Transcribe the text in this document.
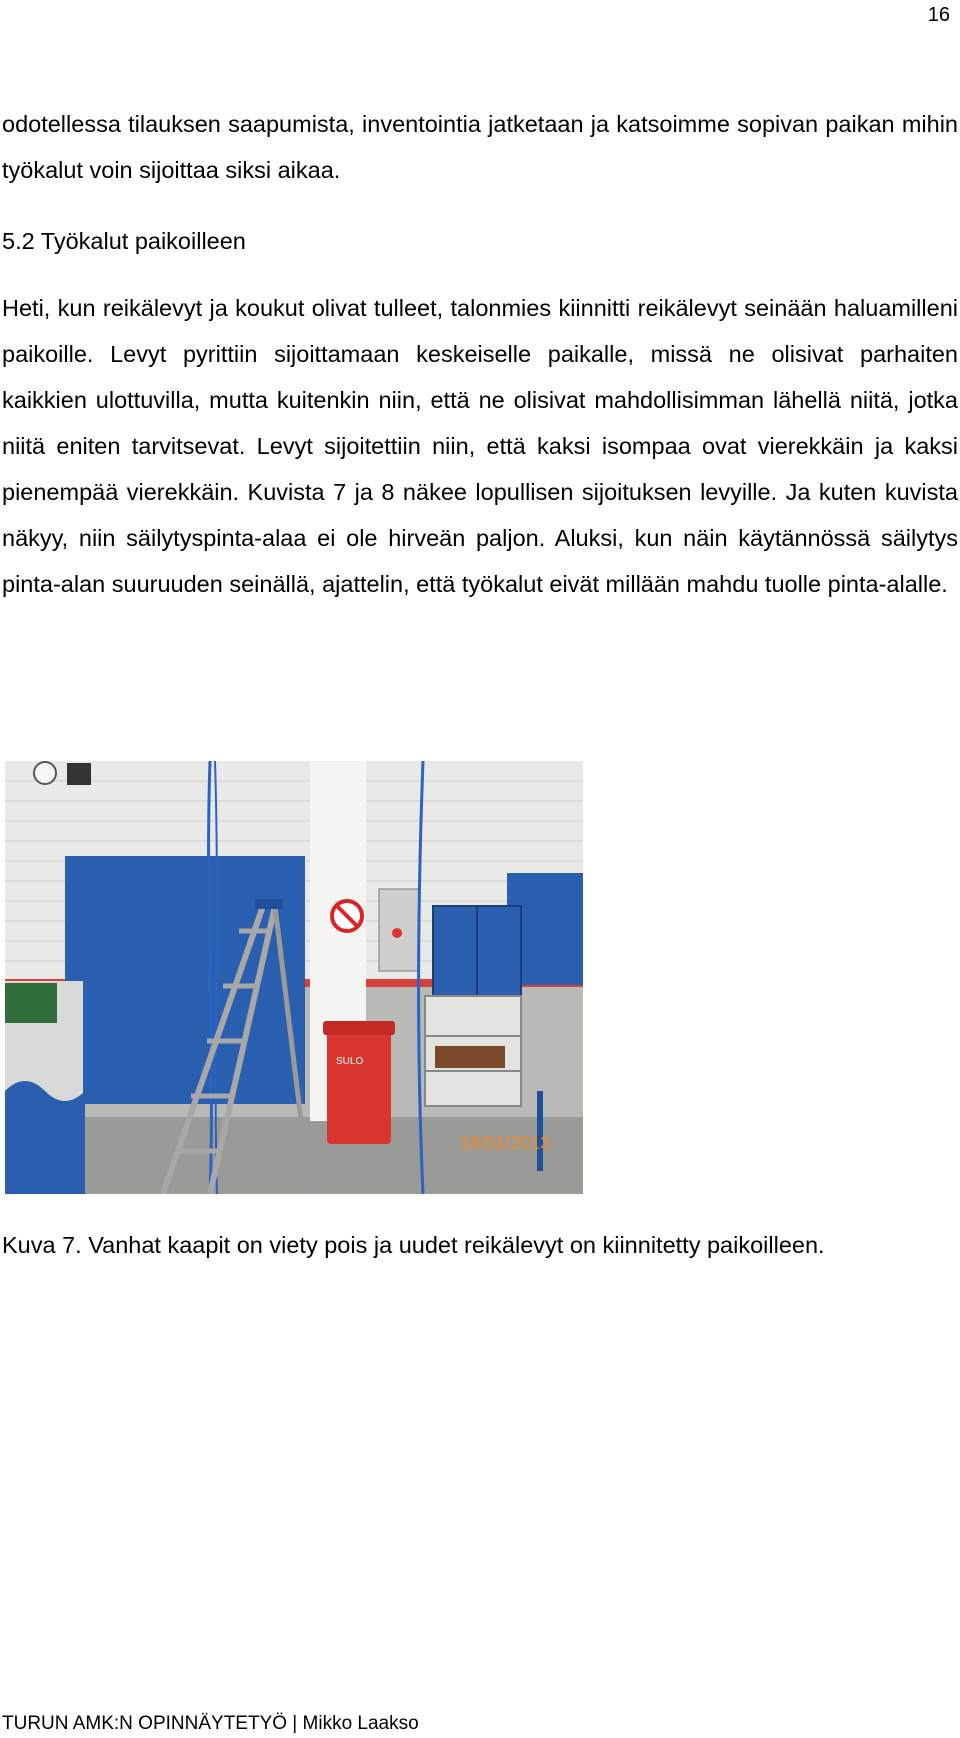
16

odotellessa tilauksen saapumista, inventointia jatketaan ja katsoimme sopivan paikan mihin työkalut voin sijoittaa siksi aikaa.

5.2 Työkalut paikoilleen

Heti, kun reikälevyt ja koukut olivat tulleet, talonmies kiinnitti reikälevyt seinään haluamilleni paikoille. Levyt pyrittiin sijoittamaan keskeiselle paikalle, missä ne olisivat parhaiten kaikkien ulottuvilla, mutta kuitenkin niin, että ne olisivat mahdollisimman lähellä niitä, jotka niitä eniten tarvitsevat. Levyt sijoitettiin niin, että kaksi isompaa ovat vierekkäin ja kaksi pienempää vierekkäin. Kuvista 7 ja 8 näkee lopullisen sijoituksen levyille. Ja kuten kuvista näkyy, niin säilytyspinta-alaa ei ole hirveän paljon. Aluksi, kun näin käytännössä säilytys pinta-alan suuruuden seinällä, ajattelin, että työkalut eivät millään mahdu tuolle pinta-alalle.

SULO
18/01/2013

Kuva 7. Vanhat kaapit on viety pois ja uudet reikälevyt on kiinnitetty paikoilleen.

TURUN AMK:N OPINNÄYTETYÖ | Mikko Laakso
